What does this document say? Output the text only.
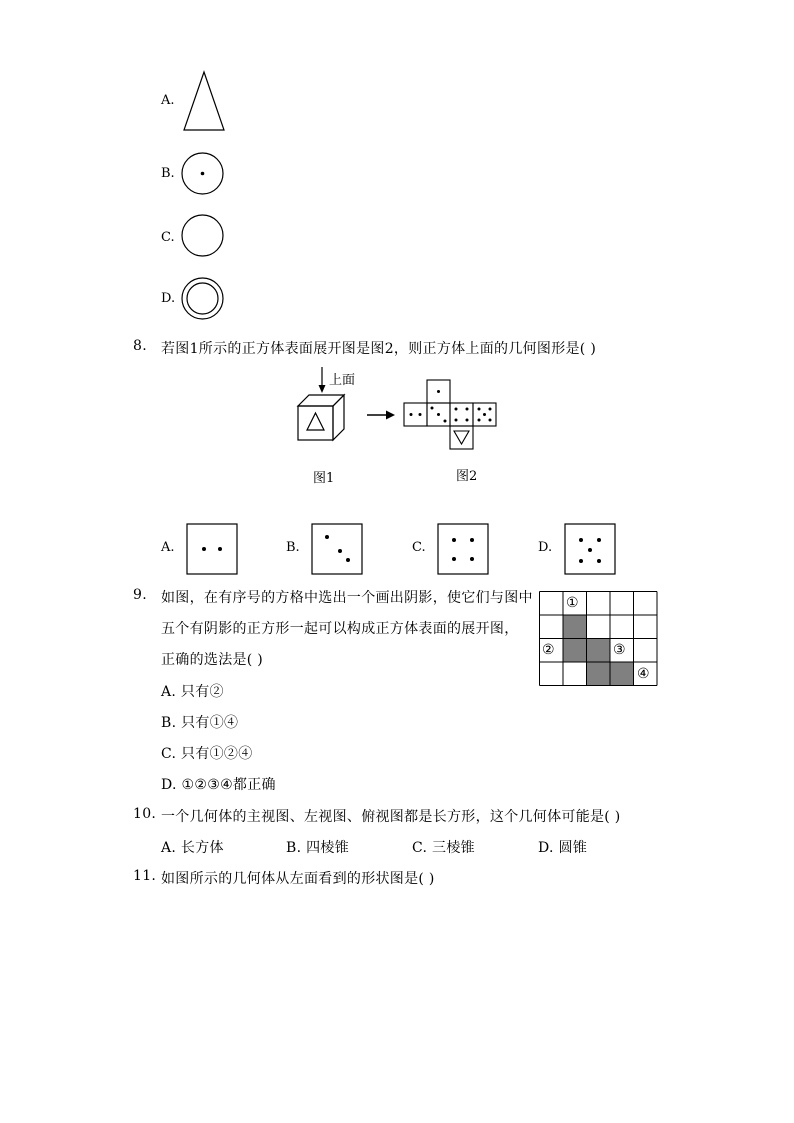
A.
B.
C.
D.
8. 若图1所示的正方体表面展开图是图2，则正方体上面的几何图形是( )
上面
图1	图2
A.	B.	C.	D.
9. 如图，在有序号的方格中选出一个画出阴影，使它们与图中
五个有阴影的正方形一起可以构成正方体表面的展开图，
正确的选法是( )
A. 只有②
B. 只有①④
C. 只有①②④
D. ①②③④都正确
①
②	③
④
10. 一个几何体的主视图、左视图、俯视图都是长方形，这个几何体可能是( )
A. 长方体	B. 四棱锥	C. 三棱锥	D. 圆锥
11. 如图所示的几何体从左面看到的形状图是( )
